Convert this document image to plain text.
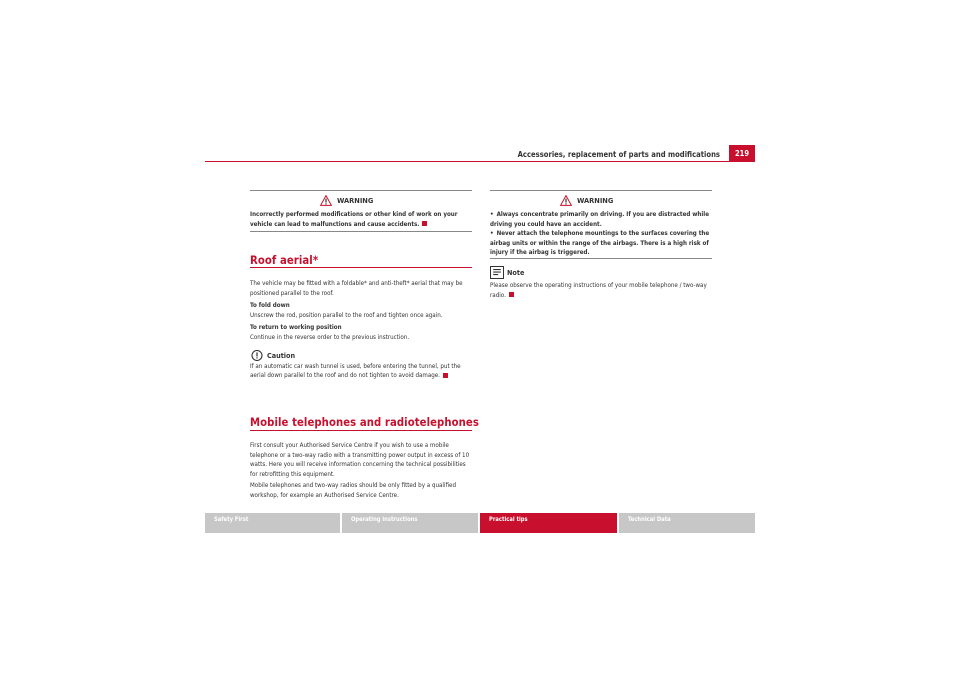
Accessories, replacement of parts and modifications	219
WARNING
Incorrectly performed modifications or other kind of work on your vehicle can lead to malfunctions and cause accidents.
Roof aerial*
The vehicle may be fitted with a foldable* and anti-theft* aerial that may be positioned parallel to the roof.
To fold down
Unscrew the rod, position parallel to the roof and tighten once again.
To return to working position
Continue in the reverse order to the previous instruction.
Caution
If an automatic car wash tunnel is used, before entering the tunnel, put the aerial down parallel to the roof and do not tighten to avoid damage.
Mobile telephones and radiotelephones
First consult your Authorised Service Centre if you wish to use a mobile telephone or a two-way radio with a transmitting power output in excess of 10 watts. Here you will receive information concerning the technical possibilities for retrofitting this equipment.
Mobile telephones and two-way radios should be only fitted by a qualified workshop, for example an Authorised Service Centre.
WARNING
• Always concentrate primarily on driving. If you are distracted while driving you could have an accident.
• Never attach the telephone mountings to the surfaces covering the airbag units or within the range of the airbags. There is a high risk of injury if the airbag is triggered.
Note
Please observe the operating instructions of your mobile telephone / two-way radio.
Safety First	Operating instructions	Practical tips	Technical Data
